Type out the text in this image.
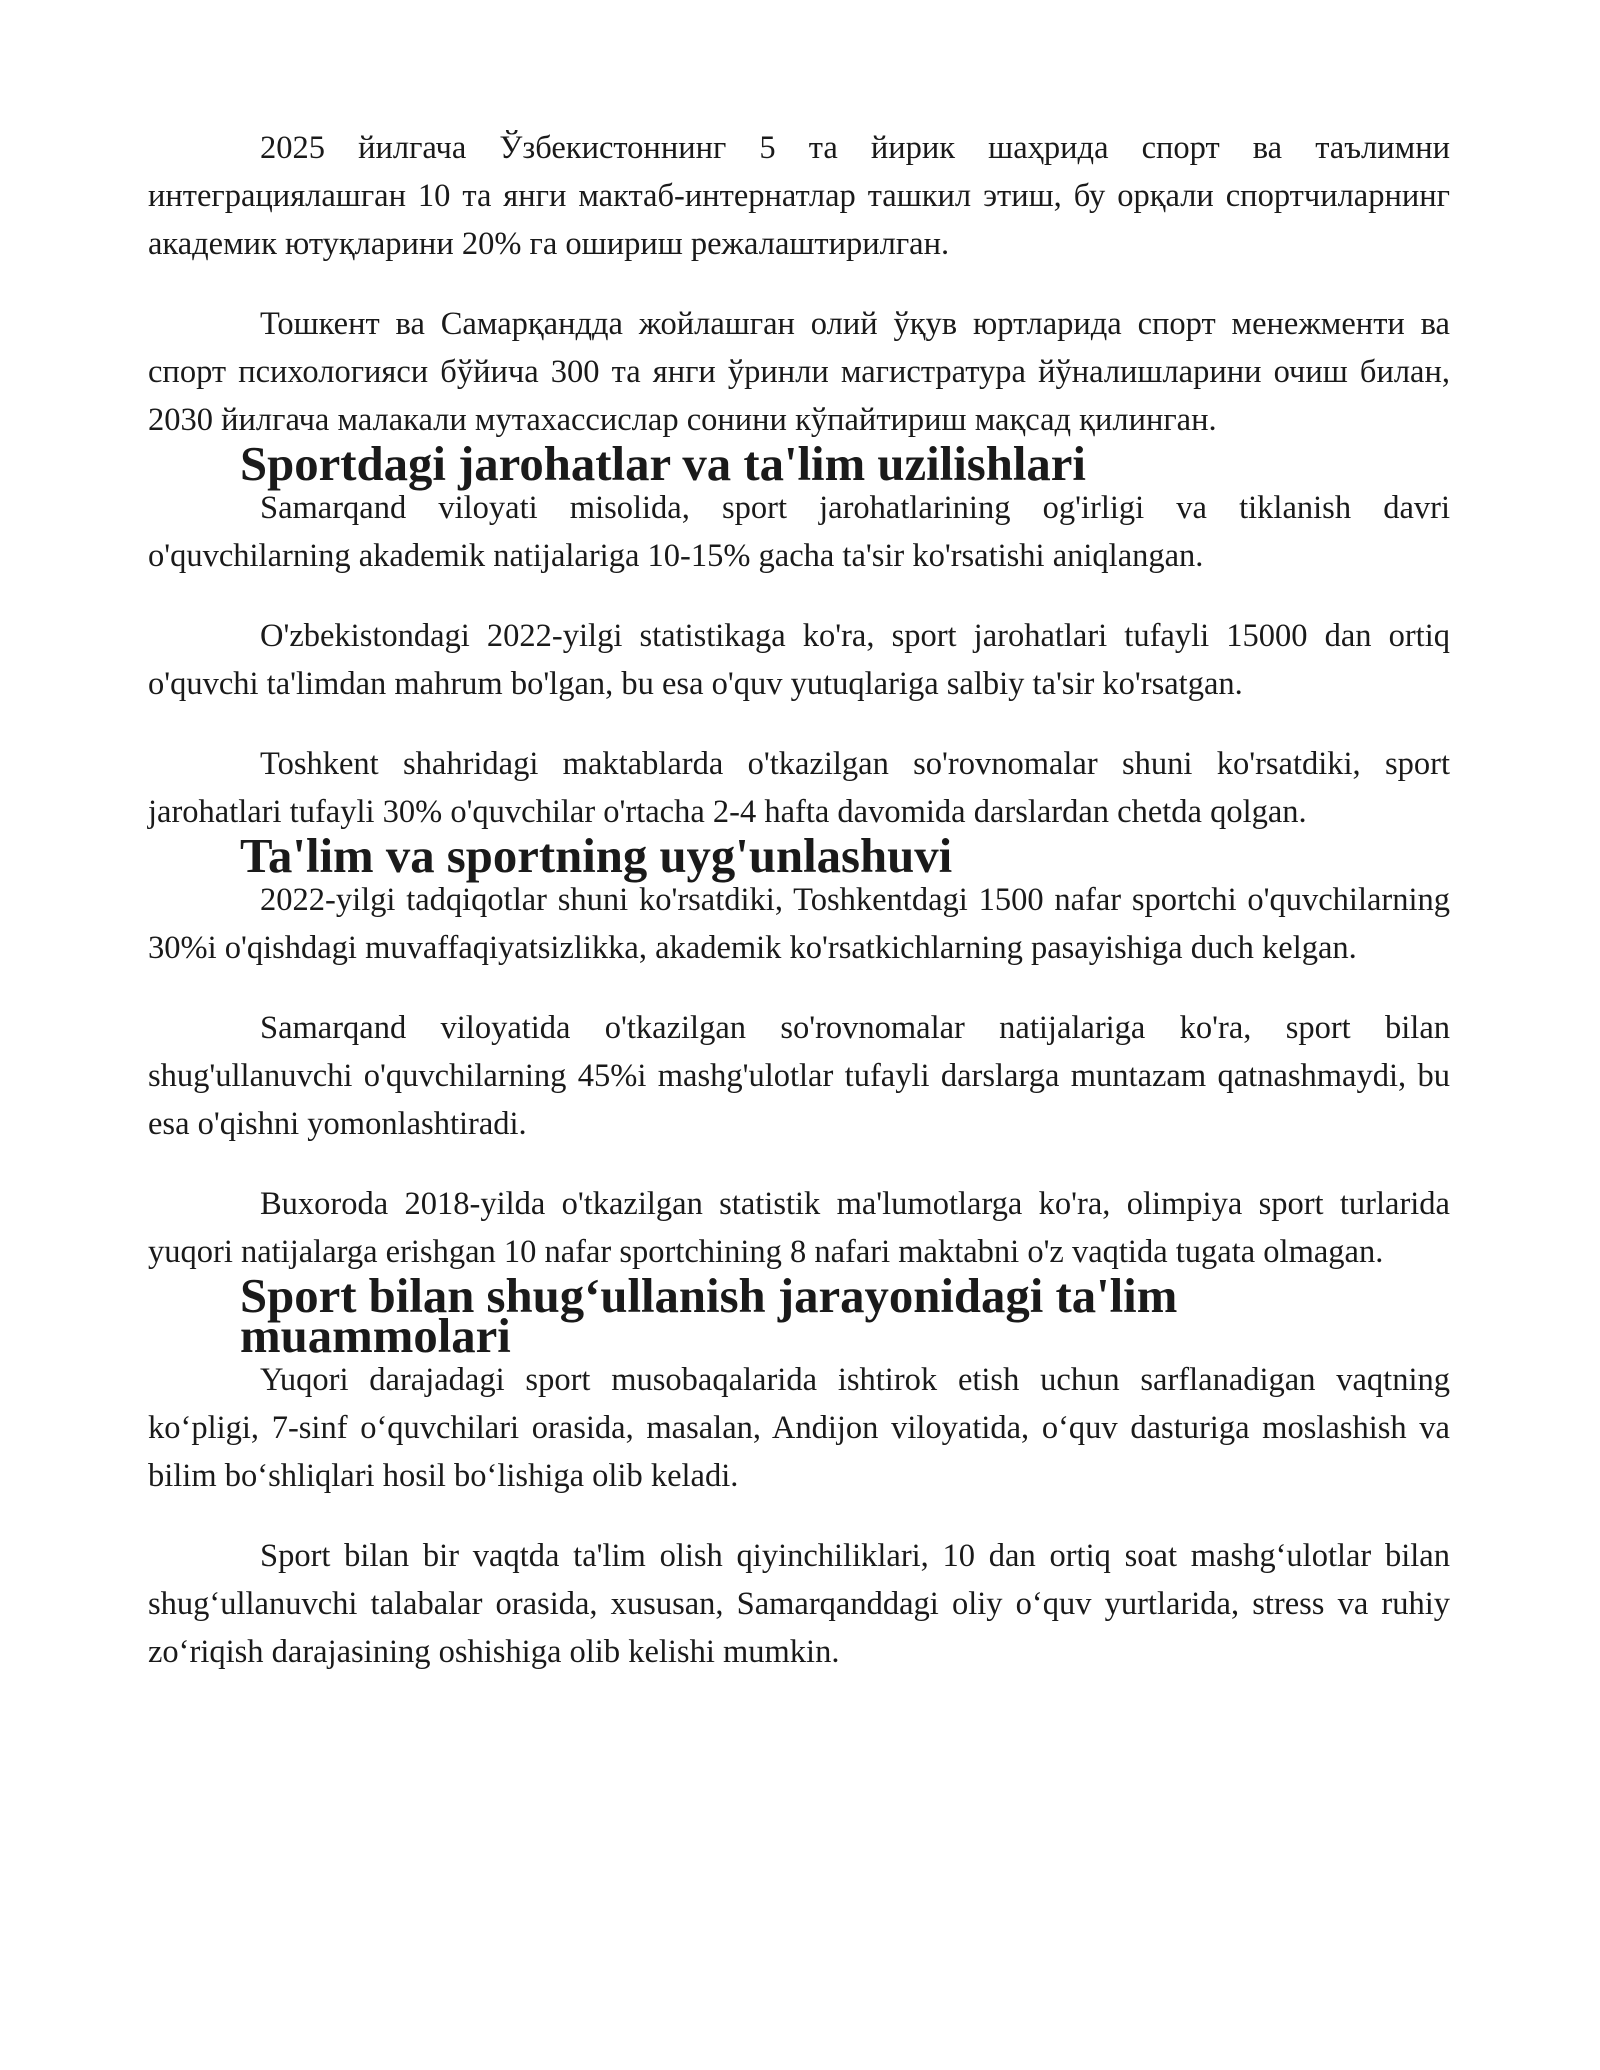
2025 йилгача Ўзбекистоннинг 5 та йирик шаҳрида спорт ва таълимни интеграциялашган 10 та янги мактаб-интернатлар ташкил этиш, бу орқали спортчиларнинг академик ютуқларини 20% га ошириш режалаштирилган.

Тошкент ва Самарқандда жойлашган олий ўқув юртларида спорт менежменти ва спорт психологияси бўйича 300 та янги ўринли магистратура йўналишларини очиш билан, 2030 йилгача малакали мутахассислар сонини кўпайтириш мақсад қилинган.

Sportdagi jarohatlar va ta'lim uzilishlari

Samarqand viloyati misolida, sport jarohatlarining og'irligi va tiklanish davri o'quvchilarning akademik natijalariga 10-15% gacha ta'sir ko'rsatishi aniqlangan.

O'zbekistondagi 2022-yilgi statistikaga ko'ra, sport jarohatlari tufayli 15000 dan ortiq o'quvchi ta'limdan mahrum bo'lgan, bu esa o'quv yutuqlariga salbiy ta'sir ko'rsatgan.

Toshkent shahridagi maktablarda o'tkazilgan so'rovnomalar shuni ko'rsatdiki, sport jarohatlari tufayli 30% o'quvchilar o'rtacha 2-4 hafta davomida darslardan chetda qolgan.

Ta'lim va sportning uyg'unlashuvi

2022-yilgi tadqiqotlar shuni ko'rsatdiki, Toshkentdagi 1500 nafar sportchi o'quvchilarning 30%i o'qishdagi muvaffaqiyatsizlikka, akademik ko'rsatkichlarning pasayishiga duch kelgan.

Samarqand viloyatida o'tkazilgan so'rovnomalar natijalariga ko'ra, sport bilan shug'ullanuvchi o'quvchilarning 45%i mashg'ulotlar tufayli darslarga muntazam qatnashmaydi, bu esa o'qishni yomonlashtiradi.

Buxoroda 2018-yilda o'tkazilgan statistik ma'lumotlarga ko'ra, olimpiya sport turlarida yuqori natijalarga erishgan 10 nafar sportchining 8 nafari maktabni o'z vaqtida tugata olmagan.

Sport bilan shug‘ullanish jarayonidagi ta'lim muammolari

Yuqori darajadagi sport musobaqalarida ishtirok etish uchun sarflanadigan vaqtning ko‘pligi, 7-sinf o‘quvchilari orasida, masalan, Andijon viloyatida, o‘quv dasturiga moslashish va bilim bo‘shliqlari hosil bo‘lishiga olib keladi.

Sport bilan bir vaqtda ta'lim olish qiyinchiliklari, 10 dan ortiq soat mashg‘ulotlar bilan shug‘ullanuvchi talabalar orasida, xususan, Samarqanddagi oliy o‘quv yurtlarida, stress va ruhiy zo‘riqish darajasining oshishiga olib kelishi mumkin.
